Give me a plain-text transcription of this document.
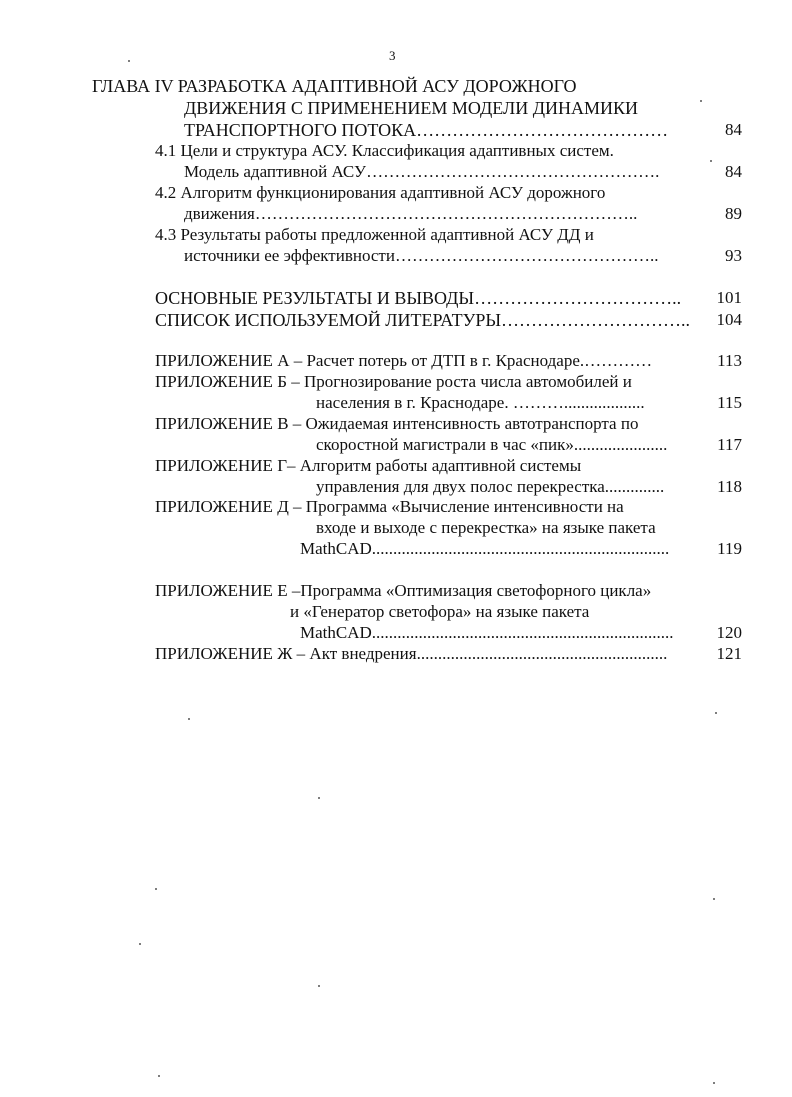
3
ГЛАВА IV РАЗРАБОТКА АДАПТИВНОЙ АСУ ДОРОЖНОГО
ДВИЖЕНИЯ С ПРИМЕНЕНИЕМ МОДЕЛИ ДИНАМИКИ
ТРАНСПОРТНОГО ПОТОКА……………………………………	84
4.1 Цели и структура АСУ. Классификация адаптивных систем.
Модель адаптивной АСУ…………………………………………….	84
4.2 Алгоритм функционирования адаптивной АСУ дорожного
движения…………………………………………………………..	89
4.3 Результаты работы предложенной адаптивной АСУ ДД и
источники ее эффективности………………………………………..	93
ОСНОВНЫЕ РЕЗУЛЬТАТЫ И ВЫВОДЫ…………………………….. 101
СПИСОК ИСПОЛЬЗУЕМОЙ ЛИТЕРАТУРЫ………………………….. 104
ПРИЛОЖЕНИЕ А – Расчет потерь от ДТП в г. Краснодаре.…………	113
ПРИЛОЖЕНИЕ Б – Прогнозирование роста числа автомобилей и
населения в г. Краснодаре. ………...................	115
ПРИЛОЖЕНИЕ В – Ожидаемая интенсивность автотранспорта по
скоростной магистрали в час «пик»......................	117
ПРИЛОЖЕНИЕ Г– Алгоритм работы адаптивной системы
управления для двух полос перекрестка..............	118
ПРИЛОЖЕНИЕ Д – Программа «Вычисление интенсивности на
входе и выходе с перекрестка» на языке пакета
MathCAD......................................................................	119
ПРИЛОЖЕНИЕ Е –Программа «Оптимизация светофорного цикла»
и «Генератор светофора» на языке пакета
MathCAD.......................................................................	120
ПРИЛОЖЕНИЕ Ж – Акт внедрения...........................................................	121
